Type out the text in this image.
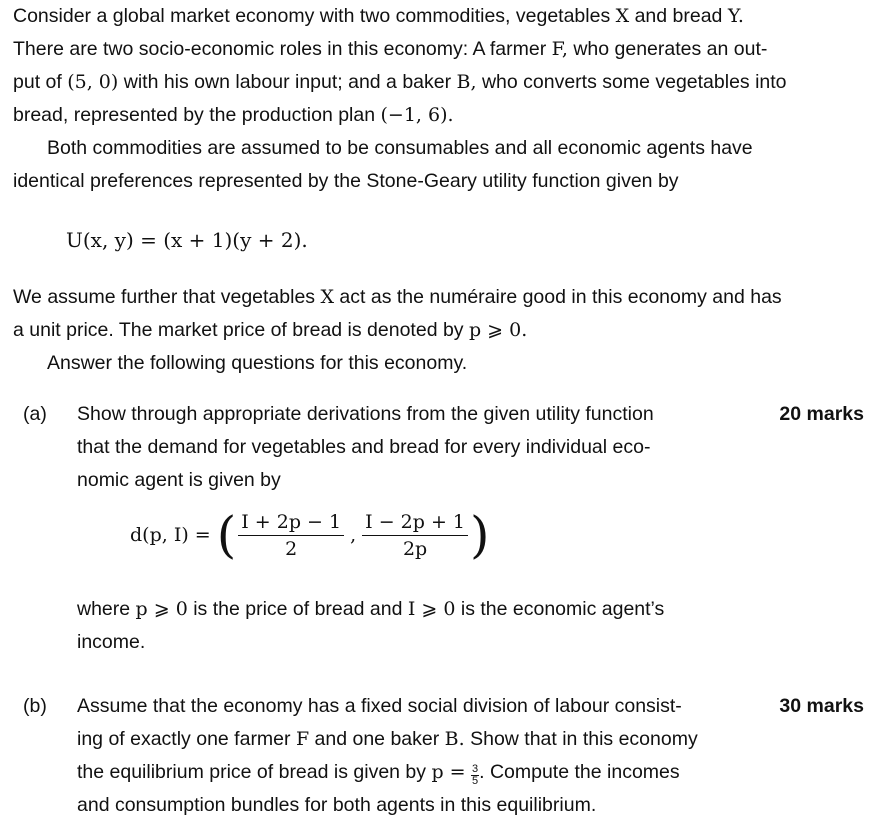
Consider a global market economy with two commodities, vegetables X and bread Y.
There are two socio-economic roles in this economy: A farmer F, who generates an out-
put of (5, 0) with his own labour input; and a baker B, who converts some vegetables into
bread, represented by the production plan (−1, 6).
Both commodities are assumed to be consumables and all economic agents have
identical preferences represented by the Stone-Geary utility function given by
U(x, y) = (x + 1)(y + 2).
We assume further that vegetables X act as the numéraire good in this economy and has
a unit price. The market price of bread is denoted by p ⩾ 0.
Answer the following questions for this economy.
(a)	20 marks
Show through appropriate derivations from the given utility function
that the demand for vegetables and bread for every individual eco-
nomic agent is given by
d(p, I) = ( $\frac{I + 2p - 1}{2}$ , $\frac{I - 2p + 1}{2p}$ )
where p ⩾ 0 is the price of bread and I ⩾ 0 is the economic agent’s
income.
(b)	30 marks
Assume that the economy has a fixed social division of labour consist-
ing of exactly one farmer F and one baker B. Show that in this economy
the equilibrium price of bread is given by $p = \frac{3}{5}$ . Compute the incomes
and consumption bundles for both agents in this equilibrium.
